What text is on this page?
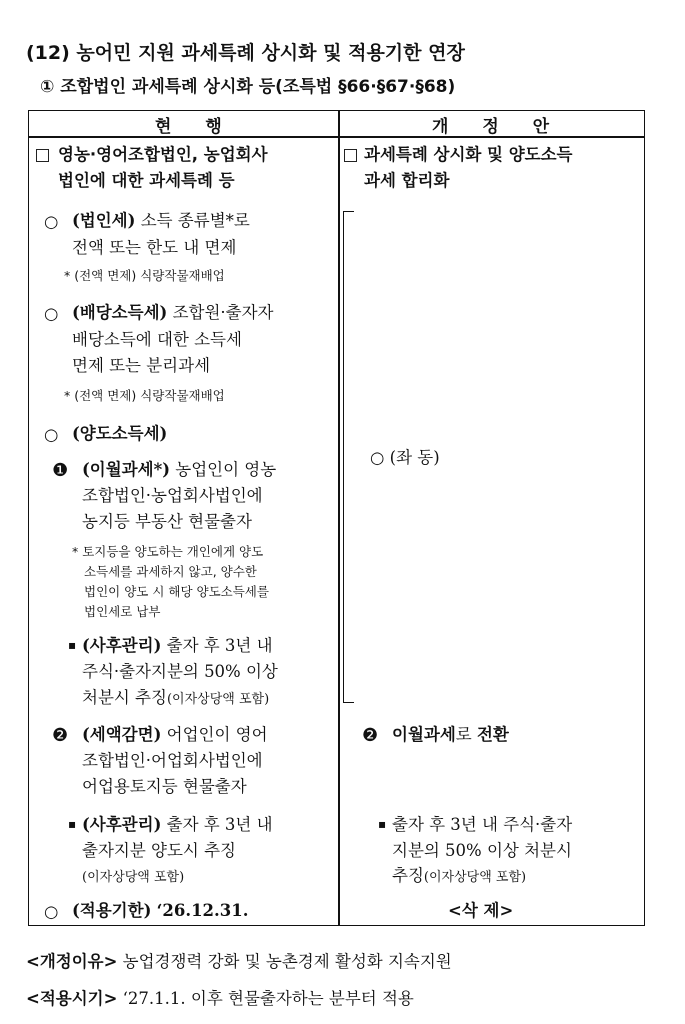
(12) 농어민 지원 과세특례 상시화 및 적용기한 연장
① 조합법인 과세특례 상시화 등(조특법 §66·§67·§68)
현 행	개 정 안
영농·영어조합법인, 농업회사
법인에 대한 과세특례 등
○ (법인세) 소득 종류별*로
전액 또는 한도 내 면제
* (전액 면제) 식량작물재배업
○ (배당소득세) 조합원·출자자
배당소득에 대한 소득세
면제 또는 분리과세
* (전액 면제) 식량작물재배업
○ (양도소득세)
❶ (이월과세*) 농업인이 영농
조합법인·농업회사법인에
농지등 부동산 현물출자
* 토지등을 양도하는 개인에게 양도
소득세를 과세하지 않고, 양수한
법인이 양도 시 해당 양도소득세를
법인세로 납부
▪ (사후관리) 출자 후 3년 내
주식·출자지분의 50% 이상
처분시 추징(이자상당액 포함)
❷ (세액감면) 어업인이 영어
조합법인·어업회사법인에
어업용토지등 현물출자
▪ (사후관리) 출자 후 3년 내
출자지분 양도시 추징
(이자상당액 포함)
○ (적용기한) ‘26.12.31.
과세특례 상시화 및 양도소득
과세 합리화
○ (좌 동)
❷ 이월과세로 전환
▪ 출자 후 3년 내 주식·출자
지분의 50% 이상 처분시
추징(이자상당액 포함)
<삭 제>
<개정이유> 농업경쟁력 강화 및 농촌경제 활성화 지속지원
<적용시기> ‘27.1.1. 이후 현물출자하는 분부터 적용
